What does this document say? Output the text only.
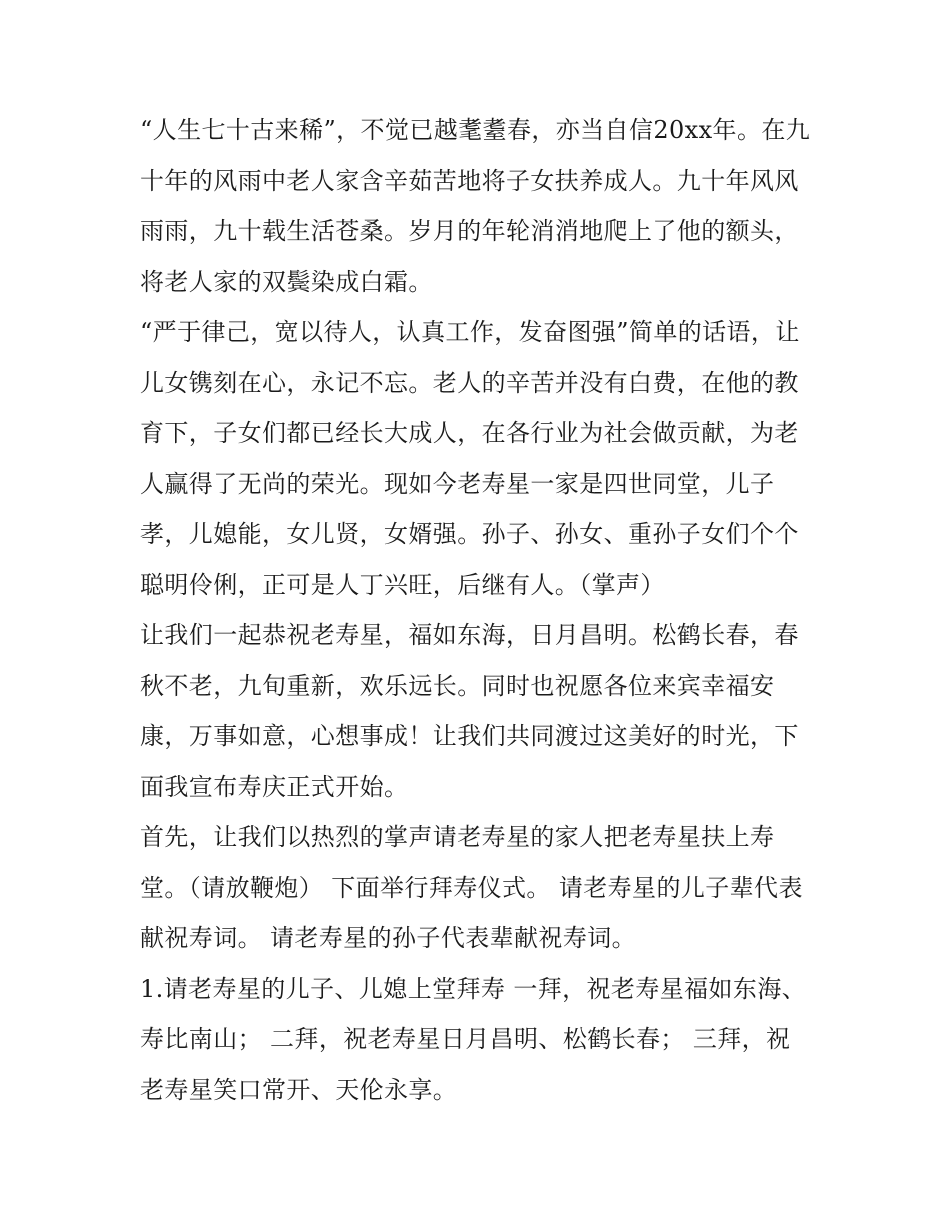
“人生七十古来稀”，不觉已越耄耋春，亦当自信20xx年。在九十年的风雨中老人家含辛茹苦地将子女扶养成人。九十年风风雨雨，九十载生活苍桑。岁月的年轮消消地爬上了他的额头，将老人家的双鬓染成白霜。

“严于律己，宽以待人，认真工作，发奋图强”简单的话语，让儿女镌刻在心，永记不忘。老人的辛苦并没有白费，在他的教育下，子女们都已经长大成人，在各行业为社会做贡献，为老人赢得了无尚的荣光。现如今老寿星一家是四世同堂，儿子孝，儿媳能，女儿贤，女婿强。孙子、孙女、重孙子女们个个聪明伶俐，正可是人丁兴旺，后继有人。（掌声）

让我们一起恭祝老寿星，福如东海，日月昌明。松鹤长春，春秋不老，九旬重新，欢乐远长。同时也祝愿各位来宾幸福安康，万事如意，心想事成！让我们共同渡过这美好的时光，下面我宣布寿庆正式开始。

首先，让我们以热烈的掌声请老寿星的家人把老寿星扶上寿堂。（请放鞭炮） 下面举行拜寿仪式。 请老寿星的儿子辈代表献祝寿词。 请老寿星的孙子代表辈献祝寿词。

1.请老寿星的儿子、儿媳上堂拜寿 一拜，祝老寿星福如东海、寿比南山； 二拜，祝老寿星日月昌明、松鹤长春； 三拜，祝老寿星笑口常开、天伦永享。
